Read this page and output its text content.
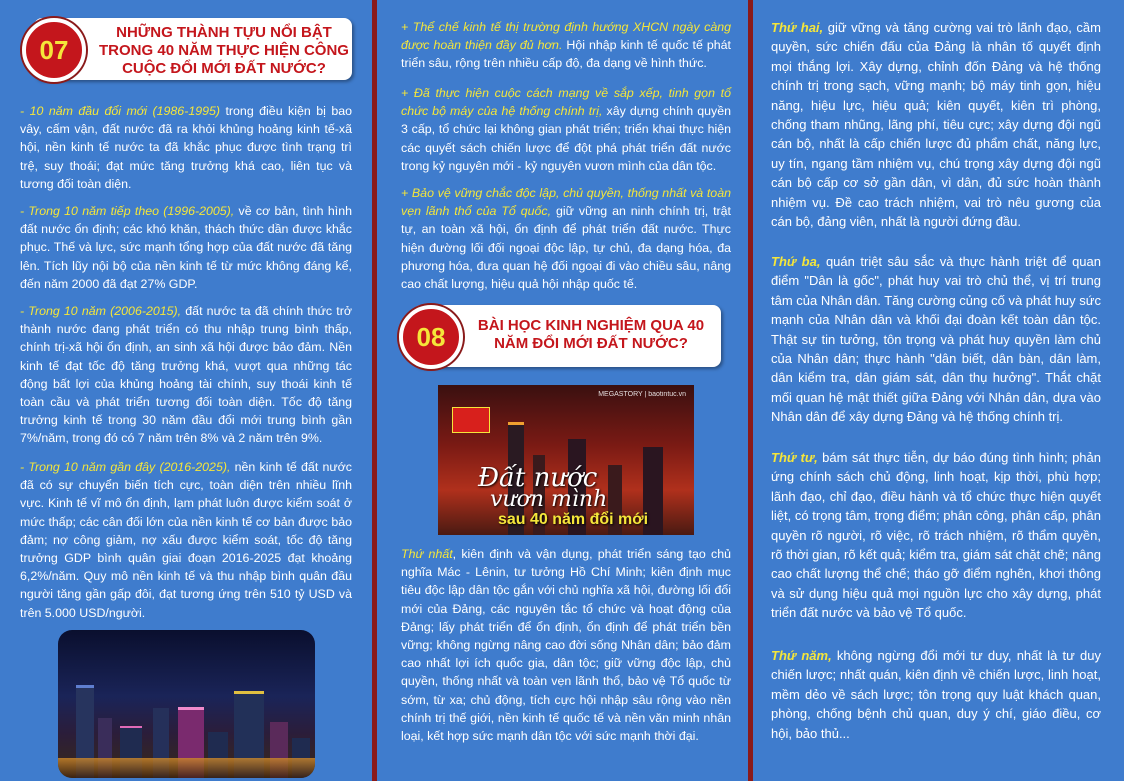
07
NHỮNG THÀNH TỰU NỔI BẬT TRONG 40 NĂM THỰC HIỆN CÔNG CUỘC ĐỔI MỚI ĐẤT NƯỚC?

- 10 năm đầu đổi mới (1986-1995) trong điều kiện bị bao vây, cấm vận, đất nước đã ra khỏi khủng hoảng kinh tế-xã hội, nền kinh tế nước ta đã khắc phục được tình trạng trì trệ, suy thoái; đạt mức tăng trưởng khá cao, liên tục và tương đối toàn diện.

- Trong 10 năm tiếp theo (1996-2005), về cơ bản, tình hình đất nước ổn định; các khó khăn, thách thức dần được khắc phục. Thế và lực, sức mạnh tổng hợp của đất nước đã tăng lên. Tích lũy nội bộ của nền kinh tế từ mức không đáng kể, đến năm 2000 đã đạt 27% GDP.

- Trong 10 năm (2006-2015), đất nước ta đã chính thức trở thành nước đang phát triển có thu nhập trung bình thấp, chính trị-xã hội ổn định, an sinh xã hội được bảo đảm. Nền kinh tế đạt tốc độ tăng trưởng khá, vượt qua những tác động bất lợi của khủng hoảng tài chính, suy thoái kinh tế toàn cầu và phát triển tương đối toàn diện. Tốc độ tăng trưởng kinh tế trong 30 năm đầu đổi mới trung bình gần 7%/năm, trong đó có 7 năm trên 8% và 2 năm trên 9%.

- Trong 10 năm gần đây (2016-2025), nền kinh tế đất nước đã có sự chuyển biến tích cực, toàn diện trên nhiều lĩnh vực. Kinh tế vĩ mô ổn định, lạm phát luôn được kiểm soát ở mức thấp; các cân đối lớn của nền kinh tế cơ bản được bảo đảm; nợ công giảm, nợ xấu được kiểm soát, tốc độ tăng trưởng GDP bình quân giai đoạn 2016-2025 đạt khoảng 6,2%/năm. Quy mô nền kinh tế và thu nhập bình quân đầu người tăng gần gấp đôi, đạt tương ứng trên 510 tỷ USD và trên 5.000 USD/người.

+ Thể chế kinh tế thị trường định hướng XHCN ngày càng được hoàn thiện đầy đủ hơn. Hội nhập kinh tế quốc tế phát triển sâu, rộng trên nhiều cấp độ, đa dạng về hình thức.

+ Đã thực hiện cuộc cách mạng về sắp xếp, tinh gọn tổ chức bộ máy của hệ thống chính trị, xây dựng chính quyền 3 cấp, tổ chức lại không gian phát triển; triển khai thực hiện các quyết sách chiến lược để đột phá phát triển đất nước trong kỷ nguyên mới - kỷ nguyên vươn mình của dân tộc.

+ Bảo vệ vững chắc độc lập, chủ quyền, thống nhất và toàn vẹn lãnh thổ của Tổ quốc, giữ vững an ninh chính trị, trật tự, an toàn xã hội, ổn định để phát triển đất nước. Thực hiện đường lối đối ngoại độc lập, tự chủ, đa dạng hóa, đa phương hóa, đưa quan hệ đối ngoại đi vào chiều sâu, nâng cao chất lượng, hiệu quả hội nhập quốc tế.

08	BÀI HỌC KINH NGHIỆM QUA 40 NĂM ĐỔI MỚI ĐẤT NƯỚC?
MEGASTORY | baotintuc.vn
Đất nước
vươn mình
sau 40 năm đổi mới

Thứ nhất, kiên định và vận dụng, phát triển sáng tạo chủ nghĩa Mác - Lênin, tư tưởng Hồ Chí Minh; kiên định mục tiêu độc lập dân tộc gắn với chủ nghĩa xã hội, đường lối đổi mới của Đảng, các nguyên tắc tổ chức và hoạt động của Đảng; lấy phát triển để ổn định, ổn định để phát triển bền vững; không ngừng nâng cao đời sống Nhân dân; bảo đảm cao nhất lợi ích quốc gia, dân tộc; giữ vững độc lập, chủ quyền, thống nhất và toàn vẹn lãnh thổ, bảo vệ Tổ quốc từ sớm, từ xa; chủ động, tích cực hội nhập sâu rộng vào nền chính trị thế giới, nền kinh tế quốc tế và nền văn minh nhân loại, kết hợp sức mạnh dân tộc với sức mạnh thời đại.

Thứ hai, giữ vững và tăng cường vai trò lãnh đạo, cầm quyền, sức chiến đấu của Đảng là nhân tố quyết định mọi thắng lợi. Xây dựng, chỉnh đốn Đảng và hệ thống chính trị trong sạch, vững mạnh; bộ máy tinh gọn, hiệu năng, hiệu lực, hiệu quả; kiên quyết, kiên trì phòng, chống tham nhũng, lãng phí, tiêu cực; xây dựng đội ngũ cán bộ, nhất là cấp chiến lược đủ phẩm chất, năng lực, uy tín, ngang tầm nhiệm vụ, chú trọng xây dựng đội ngũ cán bộ cấp cơ sở gần dân, vì dân, đủ sức hoàn thành nhiệm vụ. Đề cao trách nhiệm, vai trò nêu gương của cán bộ, đảng viên, nhất là người đứng đầu.

Thứ ba, quán triệt sâu sắc và thực hành triệt để quan điểm "Dân là gốc", phát huy vai trò chủ thể, vị trí trung tâm của Nhân dân. Tăng cường củng cố và phát huy sức mạnh của Nhân dân và khối đại đoàn kết toàn dân tộc. Thật sự tin tưởng, tôn trọng và phát huy quyền làm chủ của Nhân dân; thực hành "dân biết, dân bàn, dân làm, dân kiểm tra, dân giám sát, dân thụ hưởng". Thắt chặt mối quan hệ mật thiết giữa Đảng với Nhân dân, dựa vào Nhân dân để xây dựng Đảng và hệ thống chính trị.

Thứ tư, bám sát thực tiễn, dự báo đúng tình hình; phản ứng chính sách chủ động, linh hoạt, kịp thời, phù hợp; lãnh đạo, chỉ đạo, điều hành và tổ chức thực hiện quyết liệt, có trọng tâm, trọng điểm; phân công, phân cấp, phân quyền rõ người, rõ việc, rõ trách nhiệm, rõ thẩm quyền, rõ thời gian, rõ kết quả; kiểm tra, giám sát chặt chẽ; nâng cao chất lượng thể chế; tháo gỡ điểm nghẽn, khơi thông và sử dụng hiệu quả mọi nguồn lực cho xây dựng, phát triển đất nước và bảo vệ Tổ quốc.

Thứ năm, không ngừng đổi mới tư duy, nhất là tư duy chiến lược; nhất quán, kiên định về chiến lược, linh hoạt, mềm dẻo về sách lược; tôn trọng quy luật khách quan, phòng, chống bệnh chủ quan, duy ý chí, giáo điều, cơ hội, bảo thủ...
